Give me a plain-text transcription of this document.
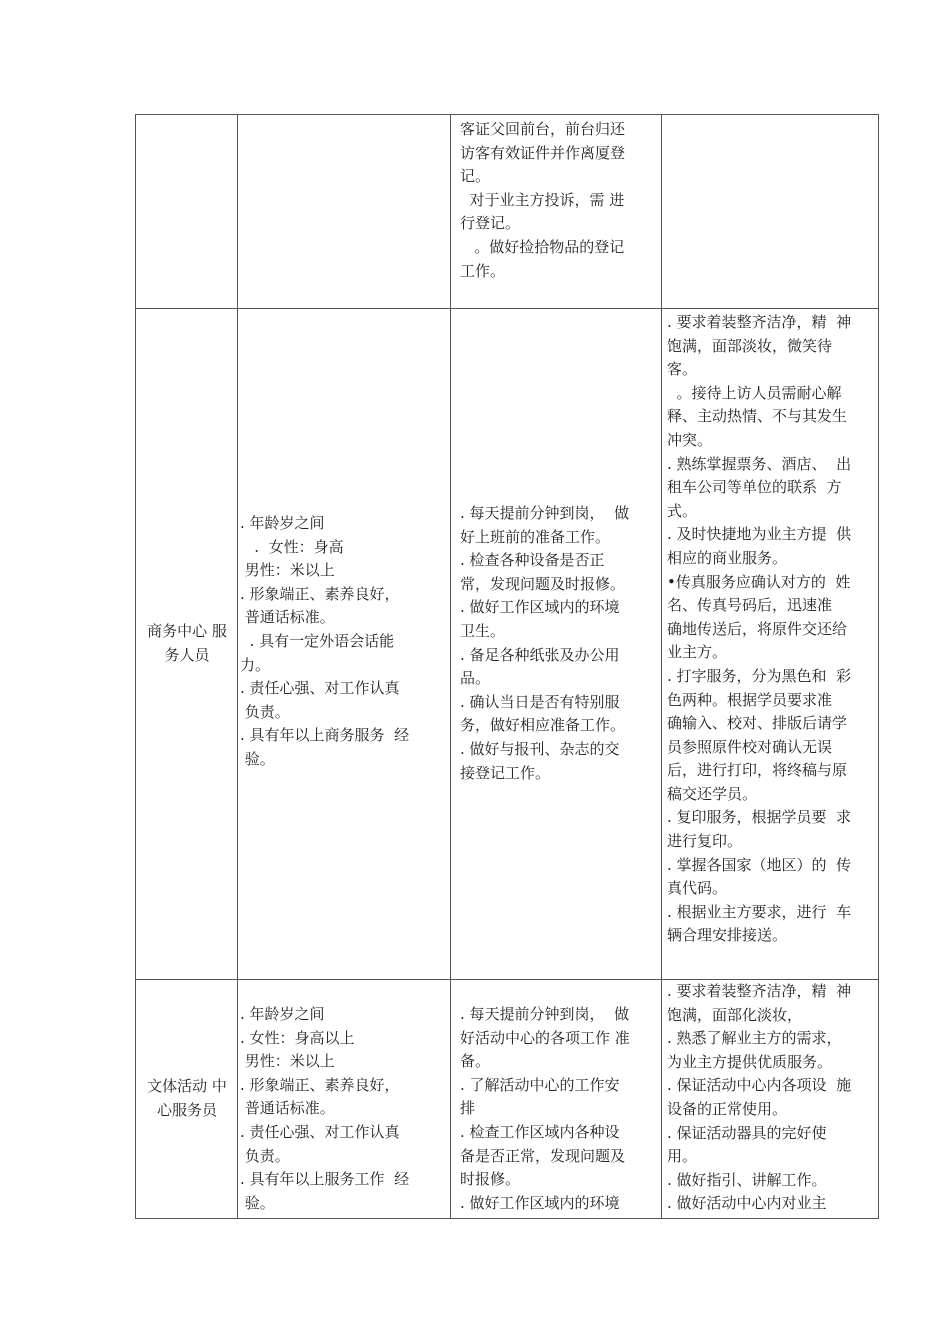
客证父回前台，前台归还

访客有效证件并作离厦登

记。

对于业主方投诉，需 进

行登记。

。做好捡拾物品的登记

工作。

商务中心 服

务人员

. 年龄岁之间

.  女性：身高

男性：米以上

. 形象端正、素养良好，

普通话标准。

. 具有一定外语会话能

力。

. 责任心强、对工作认真

负责。

. 具有年以上商务服务  经

验。

. 每天提前分钟到岗，  做

好上班前的准备工作。

. 检查各种设备是否正

常，发现问题及时报修。

. 做好工作区域内的环境

卫生。

. 备足各种纸张及办公用

品。

. 确认当日是否有特别服

务，做好相应准备工作。

. 做好与报刊、杂志的交

接登记工作。

. 要求着装整齐洁净，精  神

饱满，面部淡妆，微笑待

客。

。接待上访人员需耐心解

释、主动热情、不与其发生

冲突。

. 熟练掌握票务、酒店、  出

租车公司等单位的联系  方

式。

. 及时快捷地为业主方提  供

相应的商业服务。

•传真服务应确认对方的  姓

名、传真号码后，迅速准

确地传送后，将原件交还给

业主方。

. 打字服务，分为黑色和  彩

色两种。根据学员要求准

确输入、校对、排版后请学

员参照原件校对确认无误

后，进行打印，将终稿与原

稿交还学员。

. 复印服务，根据学员要  求

进行复印。

. 掌握各国家（地区）的  传

真代码。

. 根据业主方要求，进行  车

辆合理安排接送。

文体活动 中

心服务员

. 年龄岁之间

. 女性：身高以上

男性：米以上

. 形象端正、素养良好，

普通话标准。

. 责任心强、对工作认真

负责。

. 具有年以上服务工作  经

验。

. 每天提前分钟到岗，  做

好活动中心的各项工作 准

备。

. 了解活动中心的工作安

排

. 检查工作区域内各种设

备是否正常，发现问题及

时报修。

. 做好工作区域内的环境

. 要求着装整齐洁净，精  神

饱满，面部化淡妆，

. 熟悉了解业主方的需求，

为业主方提供优质服务。

. 保证活动中心内各项设  施

设备的正常使用。

. 保证活动器具的完好使

用。

. 做好指引、讲解工作。

. 做好活动中心内对业主
